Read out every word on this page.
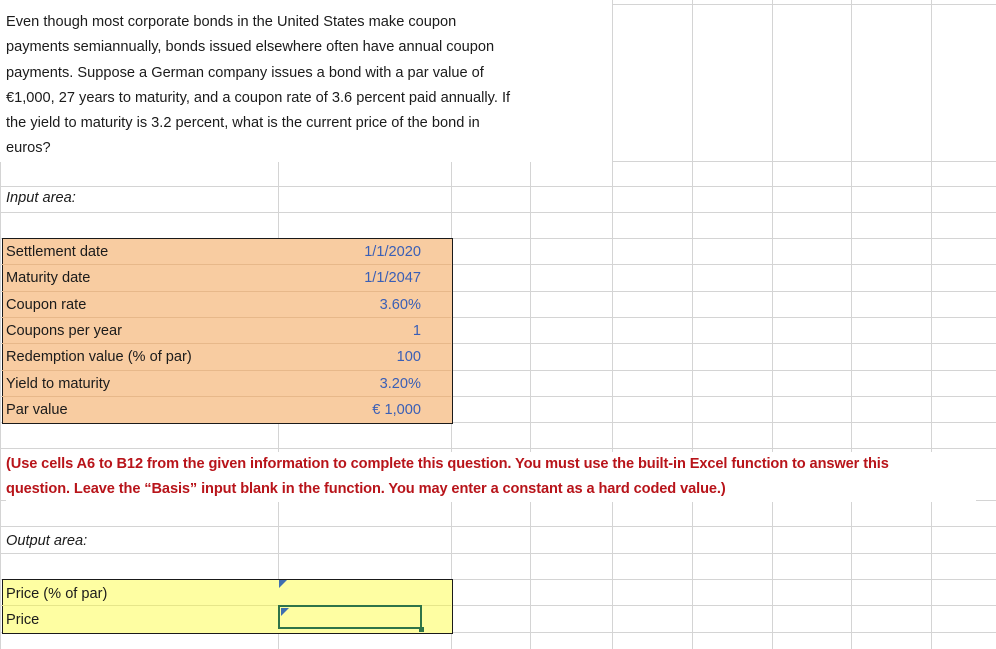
Even though most corporate bonds in the United States make coupon
payments semiannually, bonds issued elsewhere often have annual coupon
payments. Suppose a German company issues a bond with a par value of
€1,000, 27 years to maturity, and a coupon rate of 3.6 percent paid annually. If
the yield to maturity is 3.2 percent, what is the current price of the bond in
euros?
Input area:
Settlement date	1/1/2020
Maturity date	1/1/2047
Coupon rate	3.60%
Coupons per year	1
Redemption value (% of par)	100
Yield to maturity	3.20%
Par value	€ 1,000
(Use cells A6 to B12 from the given information to complete this question. You must use the built-in Excel function to answer this
question. Leave the “Basis” input blank in the function. You may enter a constant as a hard coded value.)
Output area:
Price (% of par)
Price
